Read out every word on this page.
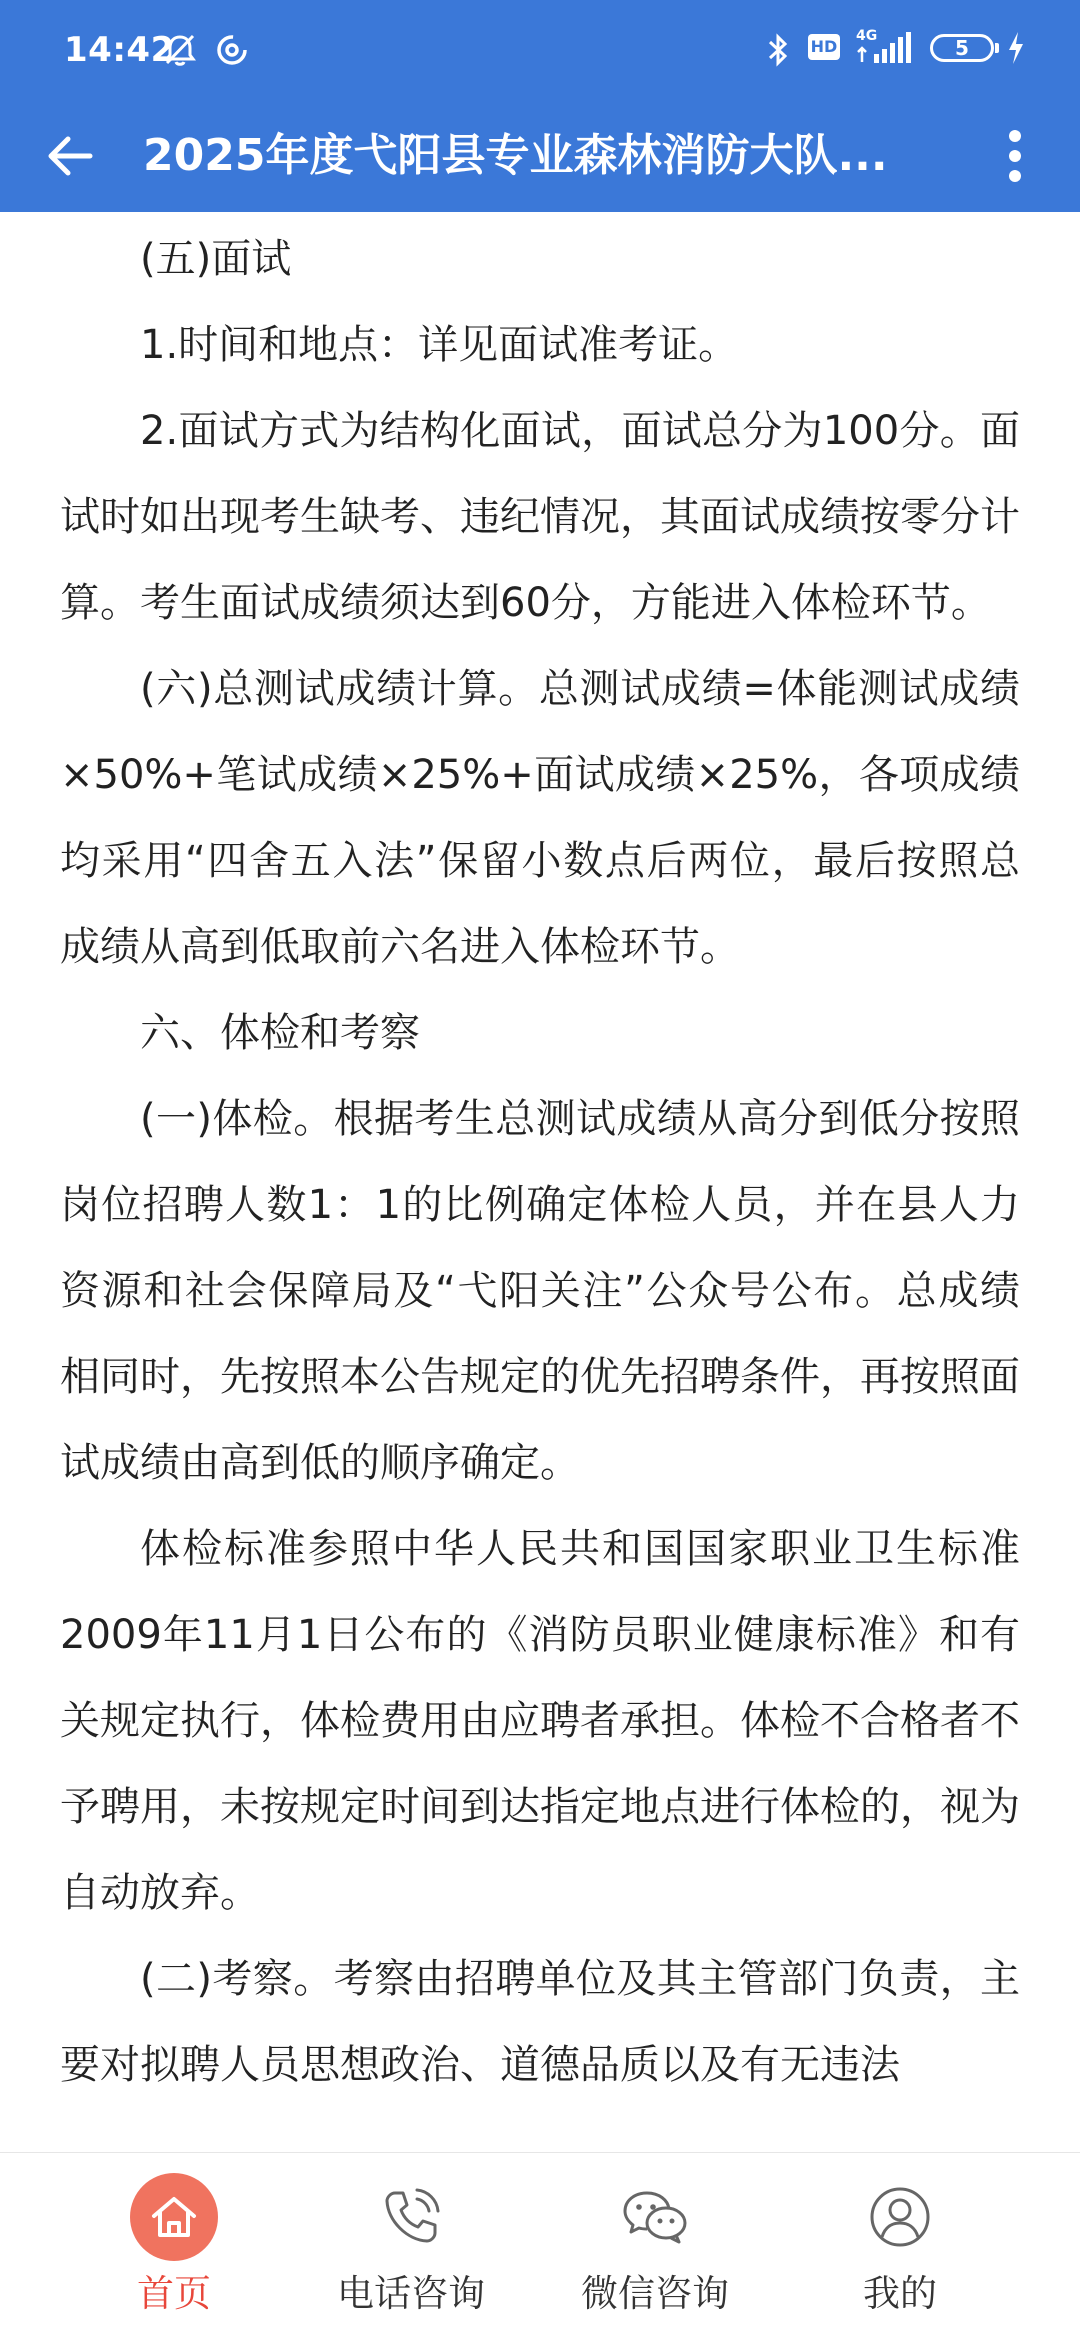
14:42	HD
4G	5
2025年度弋阳县专业森林消防大队...

(五)面试

1.时间和地点：详见面试准考证。

2.面试方式为结构化面试，面试总分为100分。面试时如出现考生缺考、违纪情况，其面试成绩按零分计算。考生面试成绩须达到60分，方能进入体检环节。

(六)总测试成绩计算。总测试成绩=体能测试成绩×50%+笔试成绩×25%+面试成绩×25%，各项成绩均采用“四舍五入法”保留小数点后两位，最后按照总成绩从高到低取前六名进入体检环节。

六、体检和考察

(一)体检。根据考生总测试成绩从高分到低分按照岗位招聘人数1：1的比例确定体检人员，并在县人力资源和社会保障局及“弋阳关注”公众号公布。总成绩相同时，先按照本公告规定的优先招聘条件，再按照面试成绩由高到低的顺序确定。

体检标准参照中华人民共和国国家职业卫生标准2009年11月1日公布的《消防员职业健康标准》和有关规定执行，体检费用由应聘者承担。体检不合格者不予聘用，未按规定时间到达指定地点进行体检的，视为自动放弃。

(二)考察。考察由招聘单位及其主管部门负责，主要对拟聘人员思想政治、道德品质以及有无违法

首页	电话咨询	微信咨询	我的
